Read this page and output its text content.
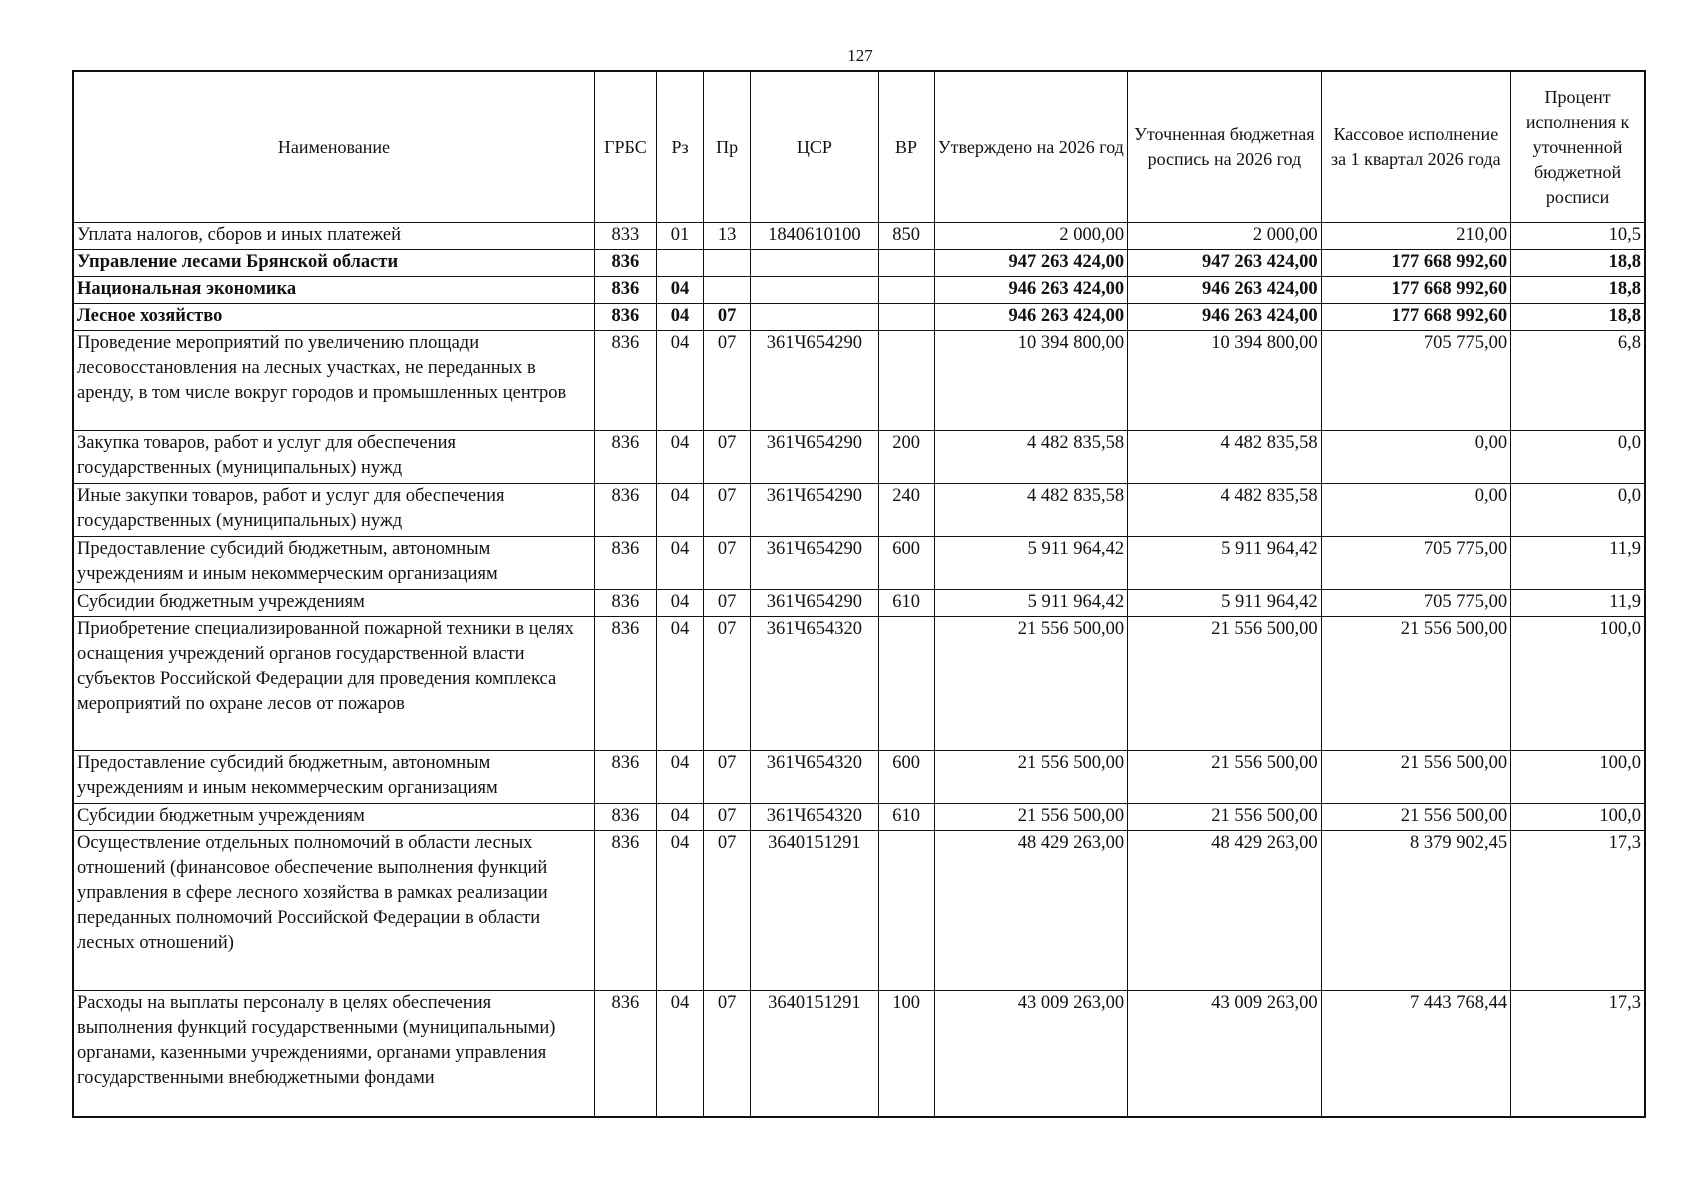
127
Наименование	ГРБС	Рз	Пр	ЦСР	ВР	Утверждено на 2026 год	Уточненная бюджетная роспись на 2026 год	Кассовое исполнение за 1 квартал 2026 года	Процент исполнения к уточненной бюджетной росписи
Уплата налогов, сборов и иных платежей	833	01	13	1840610100	850	2 000,00	2 000,00	210,00	10,5
Управление лесами Брянской области	836					947 263 424,00	947 263 424,00	177 668 992,60	18,8
Национальная экономика	836	04				946 263 424,00	946 263 424,00	177 668 992,60	18,8
Лесное хозяйство	836	04	07			946 263 424,00	946 263 424,00	177 668 992,60	18,8
Проведение мероприятий по увеличению площади лесовосстановления на лесных участках, не переданных в аренду, в том числе вокруг городов и промышленных центров	836	04	07	361Ч654290		10 394 800,00	10 394 800,00	705 775,00	6,8
Закупка товаров, работ и услуг для обеспечения государственных (муниципальных) нужд	836	04	07	361Ч654290	200	4 482 835,58	4 482 835,58	0,00	0,0
Иные закупки товаров, работ и услуг для обеспечения государственных (муниципальных) нужд	836	04	07	361Ч654290	240	4 482 835,58	4 482 835,58	0,00	0,0
Предоставление субсидий бюджетным, автономным учреждениям и иным некоммерческим организациям	836	04	07	361Ч654290	600	5 911 964,42	5 911 964,42	705 775,00	11,9
Субсидии бюджетным учреждениям	836	04	07	361Ч654290	610	5 911 964,42	5 911 964,42	705 775,00	11,9
Приобретение специализированной пожарной техники в целях оснащения учреждений органов государственной власти субъектов Российской Федерации для проведения комплекса мероприятий по охране лесов от пожаров	836	04	07	361Ч654320		21 556 500,00	21 556 500,00	21 556 500,00	100,0
Предоставление субсидий бюджетным, автономным учреждениям и иным некоммерческим организациям	836	04	07	361Ч654320	600	21 556 500,00	21 556 500,00	21 556 500,00	100,0
Субсидии бюджетным учреждениям	836	04	07	361Ч654320	610	21 556 500,00	21 556 500,00	21 556 500,00	100,0
Осуществление отдельных полномочий в области лесных отношений (финансовое обеспечение выполнения функций управления в сфере лесного хозяйства в рамках реализации переданных полномочий Российской Федерации в области лесных отношений)	836	04	07	3640151291		48 429 263,00	48 429 263,00	8 379 902,45	17,3
Расходы на выплаты персоналу в целях обеспечения выполнения функций государственными (муниципальными) органами, казенными учреждениями, органами управления государственными внебюджетными фондами	836	04	07	3640151291	100	43 009 263,00	43 009 263,00	7 443 768,44	17,3
